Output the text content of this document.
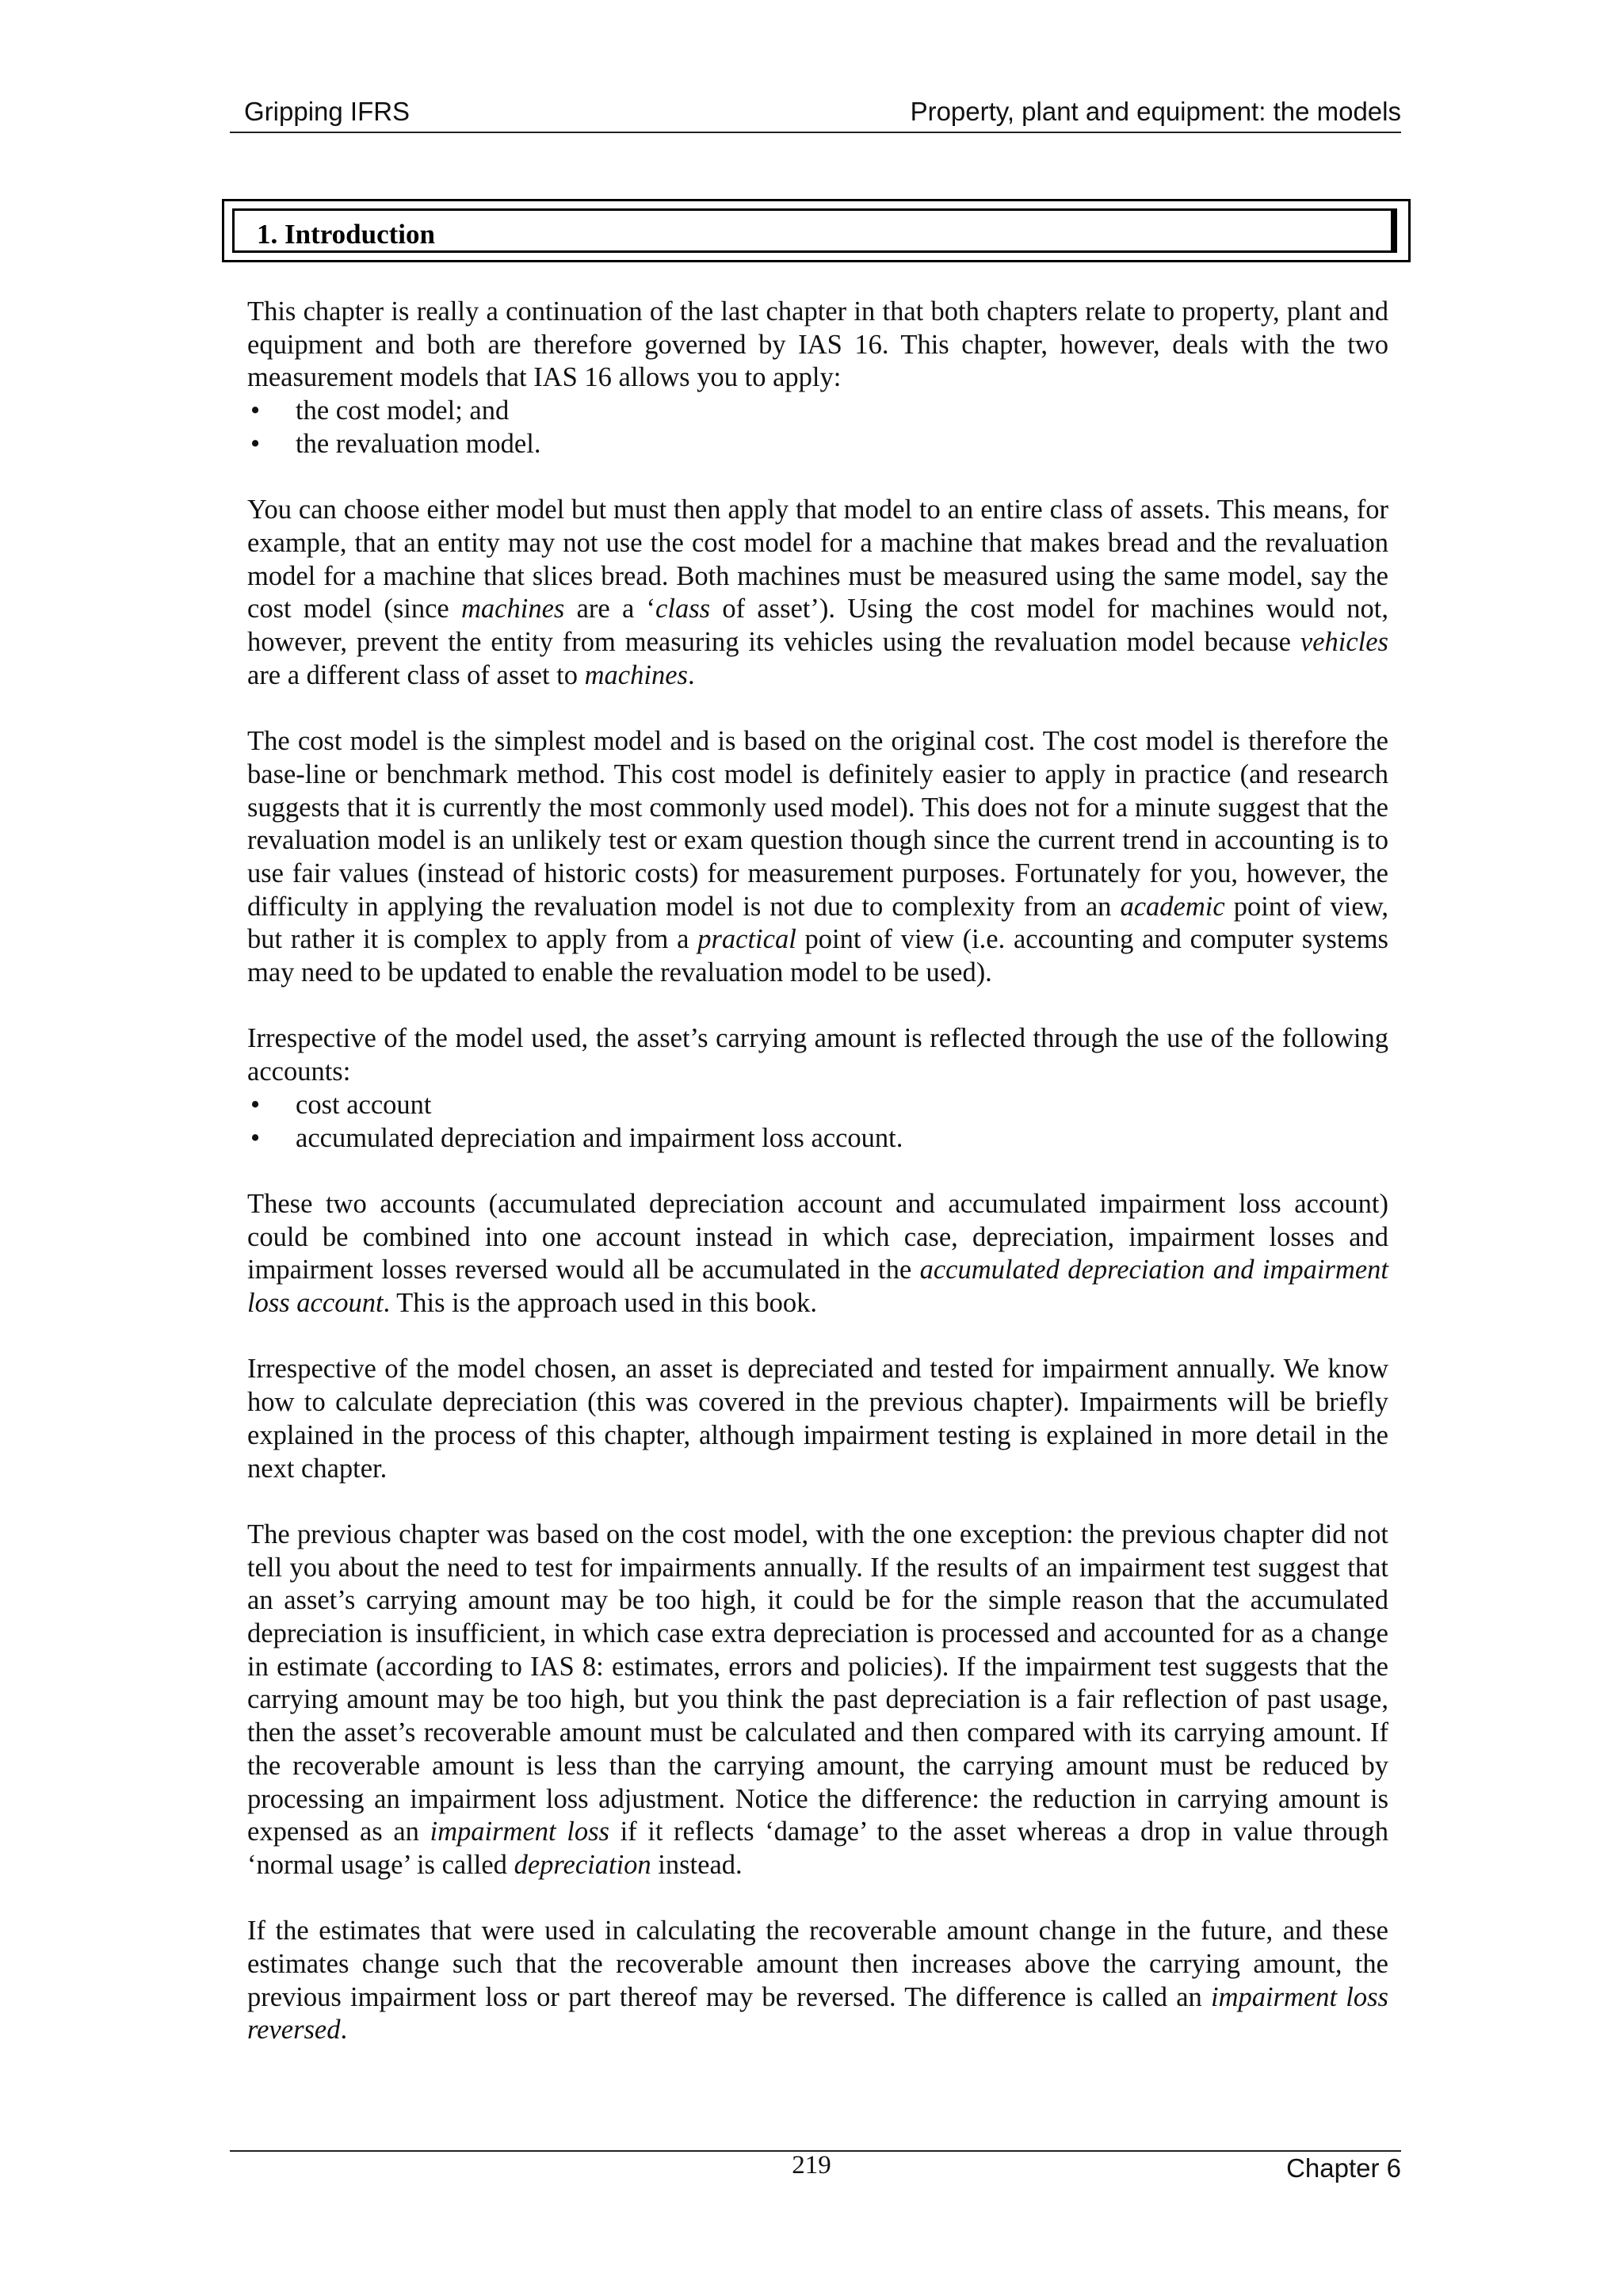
Gripping IFRS	Property, plant and equipment: the models
1. Introduction

This chapter is really a continuation of the last chapter in that both chapters relate to property, plant and equipment and both are therefore governed by IAS 16. This chapter, however, deals with the two measurement models that IAS 16 allows you to apply:

• the cost model; and
• the revaluation model.

You can choose either model but must then apply that model to an entire class of assets. This means, for example, that an entity may not use the cost model for a machine that makes bread and the revaluation model for a machine that slices bread. Both machines must be measured using the same model, say the cost model (since machines are a ‘class of asset’). Using the cost model for machines would not, however, prevent the entity from measuring its vehicles using the revaluation model because vehicles are a different class of asset to machines.

The cost model is the simplest model and is based on the original cost. The cost model is therefore the base-line or benchmark method. This cost model is definitely easier to apply in practice (and research suggests that it is currently the most commonly used model). This does not for a minute suggest that the revaluation model is an unlikely test or exam question though since the current trend in accounting is to use fair values (instead of historic costs) for measurement purposes. Fortunately for you, however, the difficulty in applying the revaluation model is not due to complexity from an academic point of view, but rather it is complex to apply from a practical point of view (i.e. accounting and computer systems may need to be updated to enable the revaluation model to be used).

Irrespective of the model used, the asset’s carrying amount is reflected through the use of the following accounts:

• cost account
• accumulated depreciation and impairment loss account.

These two accounts (accumulated depreciation account and accumulated impairment loss account) could be combined into one account instead in which case, depreciation, impairment losses and impairment losses reversed would all be accumulated in the accumulated depreciation and impairment loss account. This is the approach used in this book.

Irrespective of the model chosen, an asset is depreciated and tested for impairment annually. We know how to calculate depreciation (this was covered in the previous chapter). Impairments will be briefly explained in the process of this chapter, although impairment testing is explained in more detail in the next chapter.

The previous chapter was based on the cost model, with the one exception: the previous chapter did not tell you about the need to test for impairments annually. If the results of an impairment test suggest that an asset’s carrying amount may be too high, it could be for the simple reason that the accumulated depreciation is insufficient, in which case extra depreciation is processed and accounted for as a change in estimate (according to IAS 8: estimates, errors and policies). If the impairment test suggests that the carrying amount may be too high, but you think the past depreciation is a fair reflection of past usage, then the asset’s recoverable amount must be calculated and then compared with its carrying amount. If the recoverable amount is less than the carrying amount, the carrying amount must be reduced by processing an impairment loss adjustment. Notice the difference: the reduction in carrying amount is expensed as an impairment loss if it reflects ‘damage’ to the asset whereas a drop in value through ‘normal usage’ is called depreciation instead.

If the estimates that were used in calculating the recoverable amount change in the future, and these estimates change such that the recoverable amount then increases above the carrying amount, the previous impairment loss or part thereof may be reversed. The difference is called an impairment loss reversed.

219	Chapter 6
